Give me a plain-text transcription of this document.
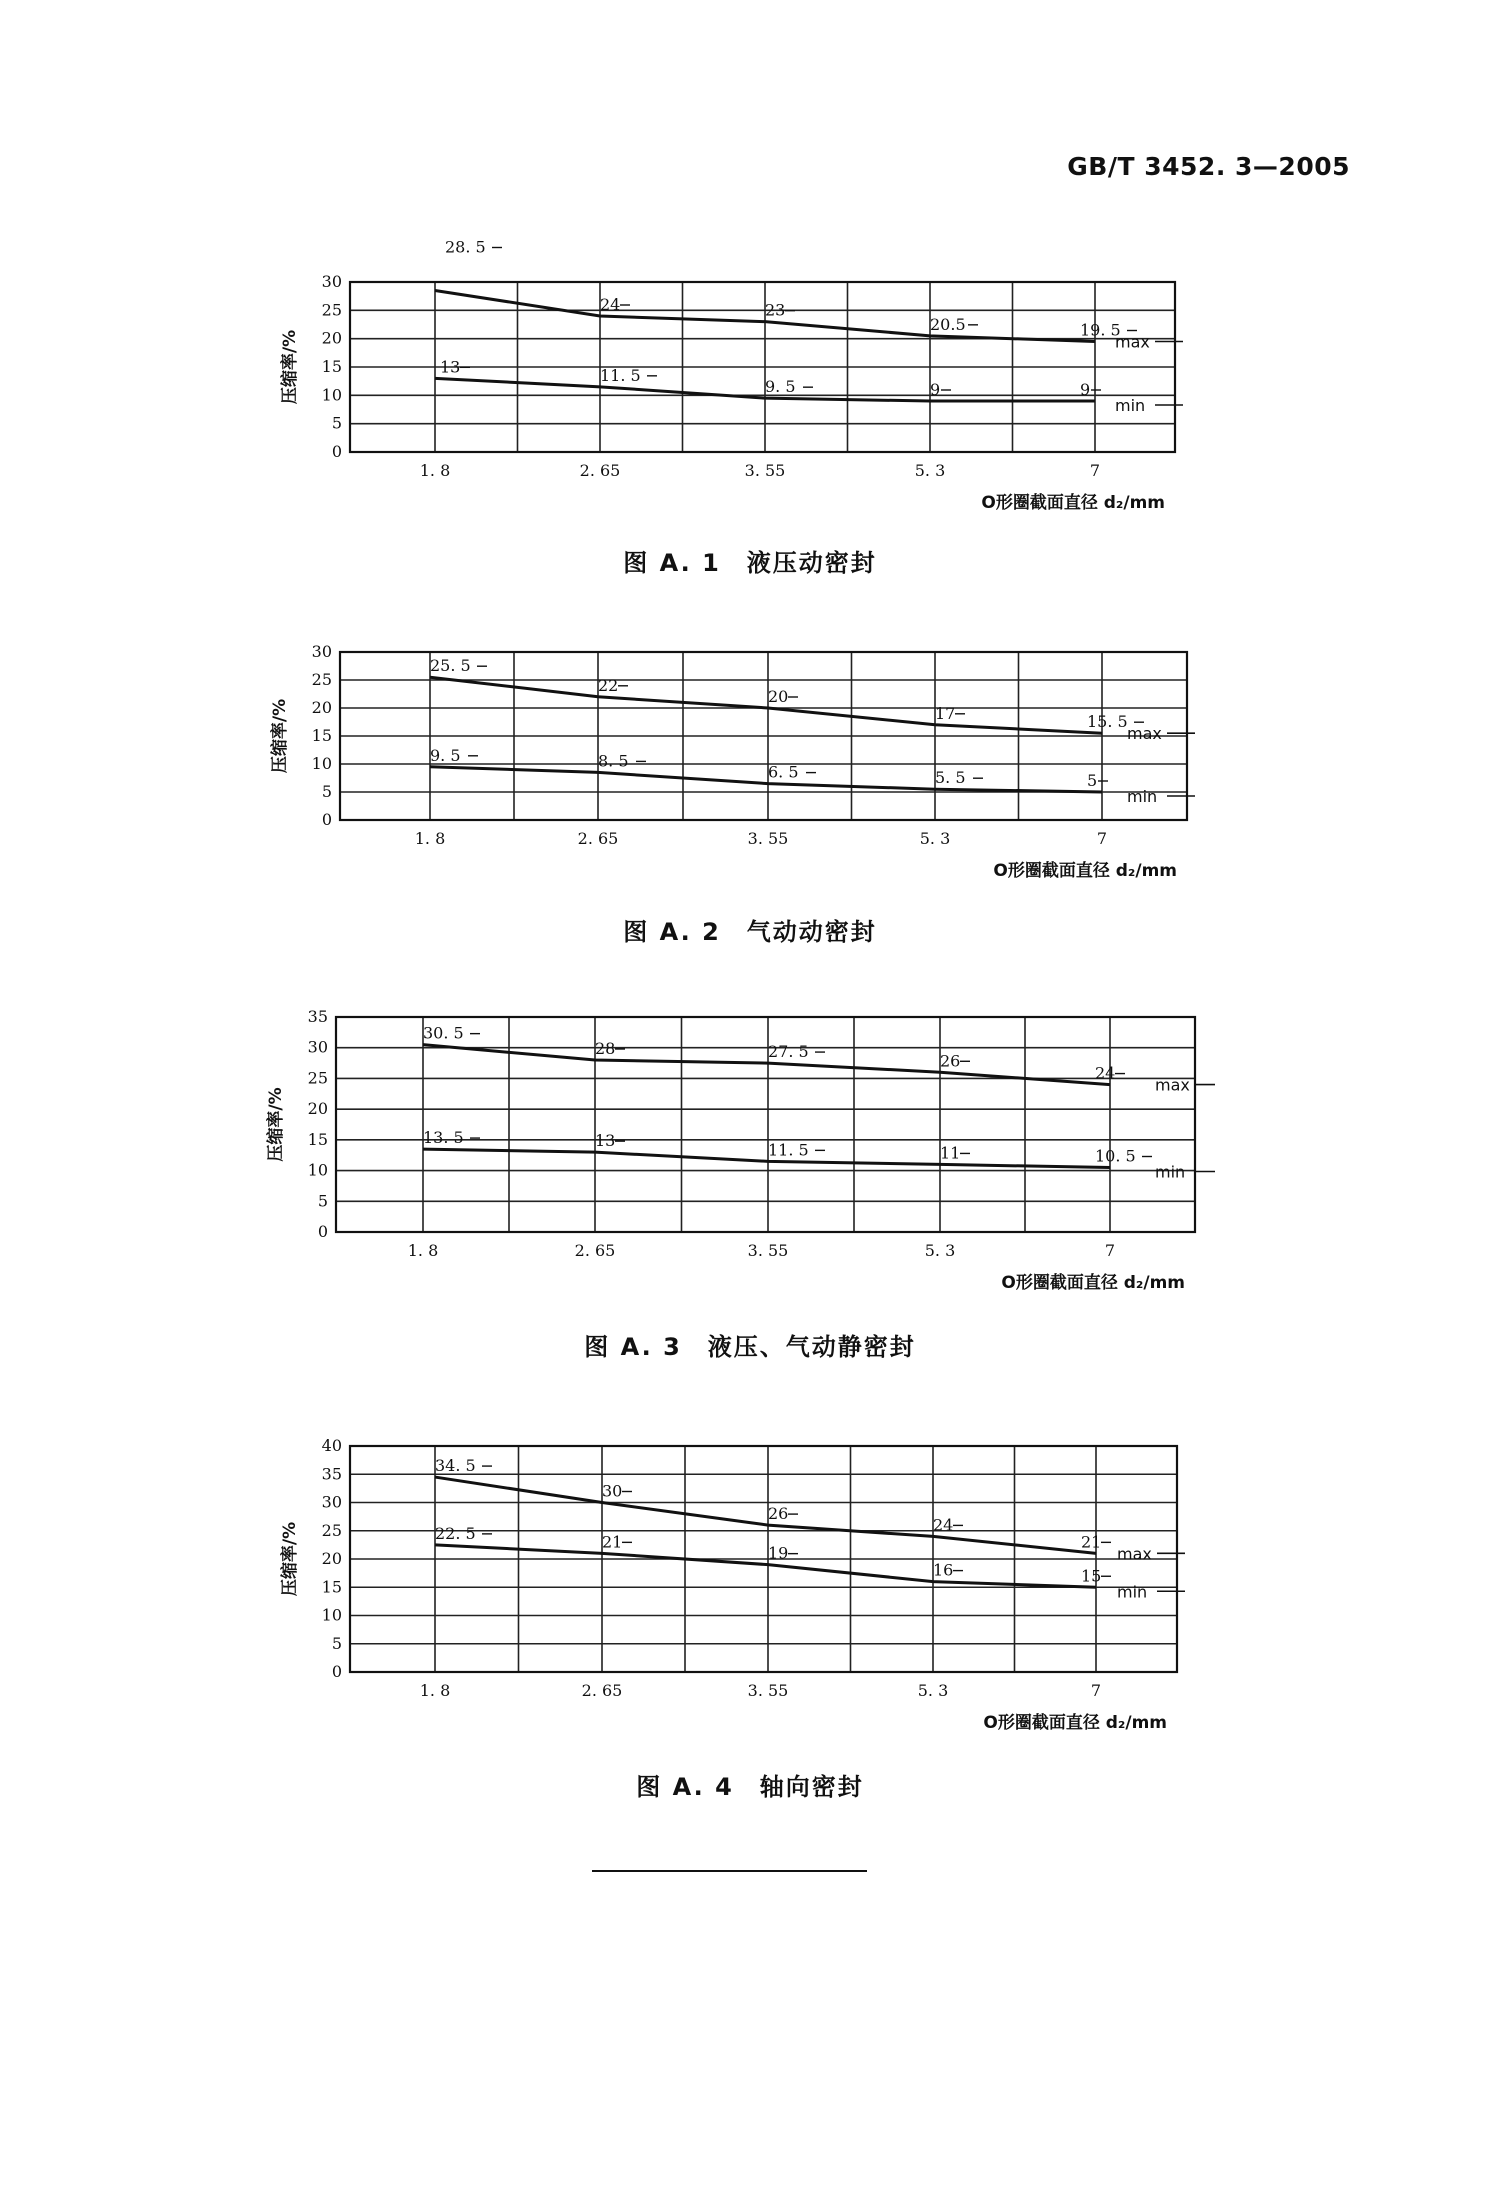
GB/T 3452. 3—2005
0
5
10
15
20
25
30
1. 8	2. 65	3. 55	5. 3	7
压缩率/%
O形圈截面直径 d₂/mm
28. 5
24	23
20.5	19. 5
max
13	11. 5
9. 5	9	9
min
图 A. 1 液压动密封
0
5
10
15
20
25
30
1. 8	2. 65	3. 55	5. 3	7
压缩率/%
O形圈截面直径 d₂/mm
25. 5
22
20
17	15. 5
max
9. 5	8. 5
6. 5	5. 5	5
min
图 A. 2 气动动密封
0
5
10
15
20
25
30
35
1. 8	2. 65	3. 55	5. 3	7
压缩率/%
O形圈截面直径 d₂/mm
30. 5
28	27. 5	26
24
max
13. 5	13	11. 5	11	10. 5
min
图 A. 3 液压、气动静密封
0
5
10
15
20
25
30
35
40
1. 8	2. 65	3. 55	5. 3	7
压缩率/%
O形圈截面直径 d₂/mm
34. 5
30
26
24
21
max
22. 5	21
19
16	15
min
图 A. 4 轴向密封
